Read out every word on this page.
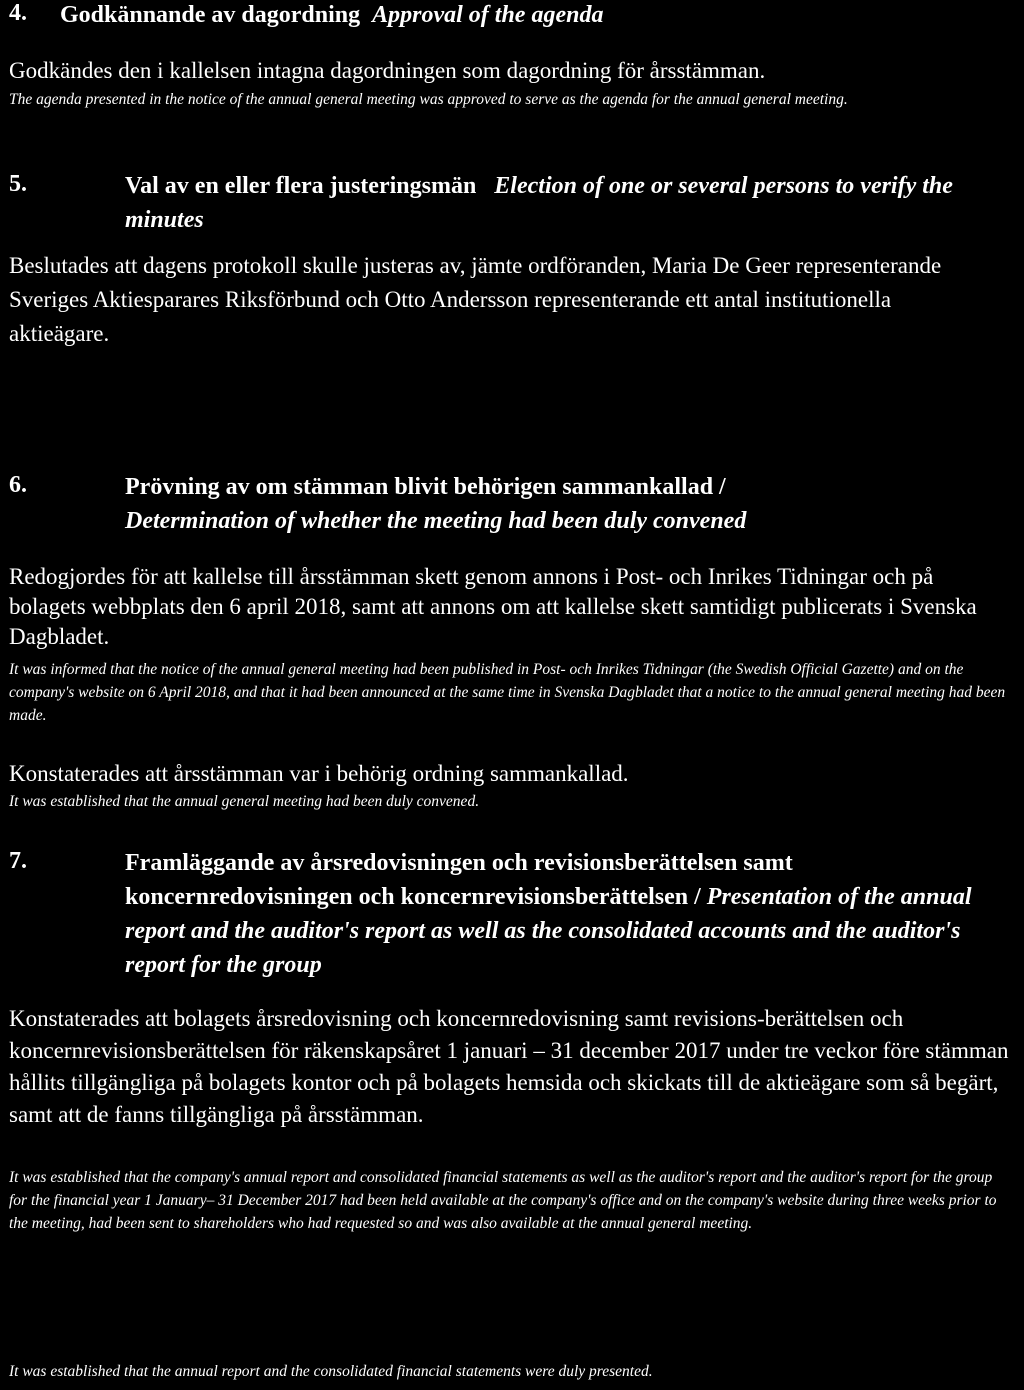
4. Godkännande av dagordning Approval of the agenda
Godkändes den i kallelsen intagna dagordningen som dagordning för årsstämman.
The agenda presented in the notice of the annual general meeting was approved to serve as the agenda for the annual general meeting.
5.	Val av en eller flera justeringsmän Election of one or several persons to verify the minutes
Beslutades att dagens protokoll skulle justeras av, jämte ordföranden, Maria De Geer representerande Sveriges Aktiesparares Riksförbund och Otto Andersson representerande ett antal institutionella aktieägare.
6.	Prövning av om stämman blivit behörigen sammankallad /
Determination of whether the meeting had been duly convened
Redogjordes för att kallelse till årsstämman skett genom annons i Post- och Inrikes Tidningar och på bolagets webbplats den 6 april 2018, samt att annons om att kallelse skett samtidigt publicerats i Svenska Dagbladet.
It was informed that the notice of the annual general meeting had been published in Post- och Inrikes Tidningar (the Swedish Official Gazette) and on the company's website on 6 April 2018, and that it had been announced at the same time in Svenska Dagbladet that a notice to the annual general meeting had been made.
Konstaterades att årsstämman var i behörig ordning sammankallad.
It was established that the annual general meeting had been duly convened.
7.	Framläggande av årsredovisningen och revisionsberättelsen samt koncernredovisningen och koncernrevisionsberättelsen / Presentation of the annual report and the auditor's report as well as the consolidated accounts and the auditor's report for the group
Konstaterades att bolagets årsredovisning och koncernredovisning samt revisions-berättelsen och koncernrevisionsberättelsen för räkenskapsåret 1 januari – 31 december 2017 under tre veckor före stämman hållits tillgängliga på bolagets kontor och på bolagets hemsida och skickats till de aktieägare som så begärt, samt att de fanns tillgängliga på årsstämman.
It was established that the company's annual report and consolidated financial statements as well as the auditor's report and the auditor's report for the group for the financial year 1 January– 31 December 2017 had been held available at the company's office and on the company's website during three weeks prior to the meeting, had been sent to shareholders who had requested so and was also available at the annual general meeting.
It was established that the annual report and the consolidated financial statements were duly presented.
